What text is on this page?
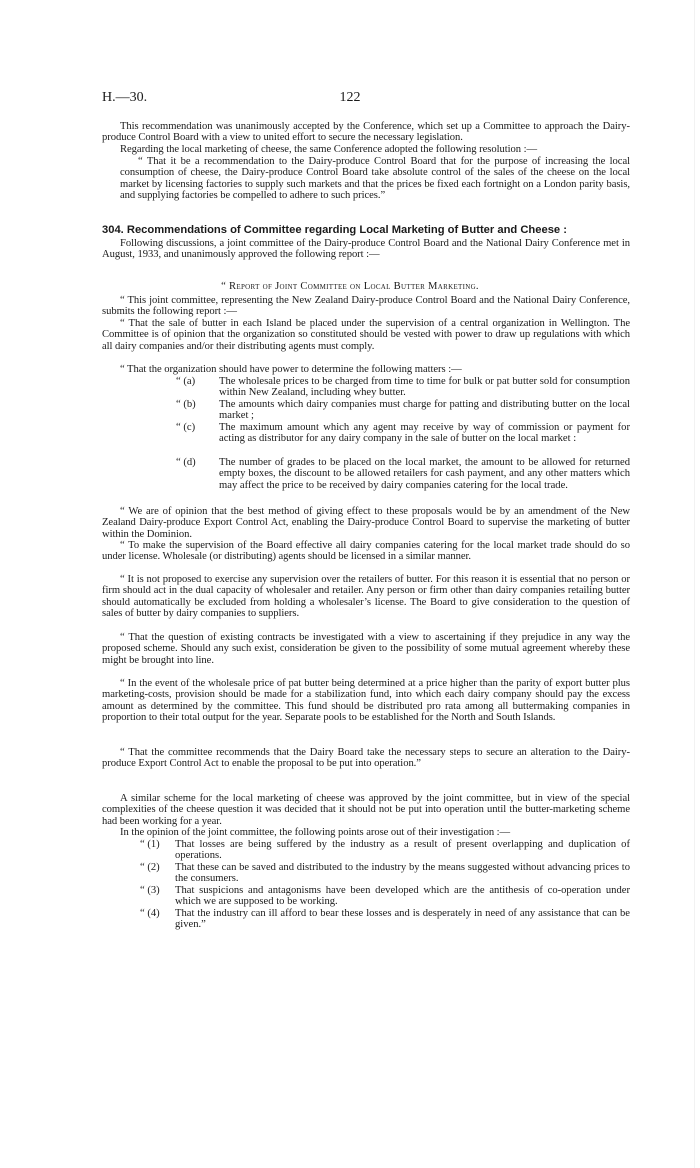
H.—30.	122

This recommendation was unanimously accepted by the Conference, which set up a Committee to approach the Dairy-produce Control Board with a view to united effort to secure the necessary legislation.

Regarding the local marketing of cheese, the same Conference adopted the following resolution :—

“ That it be a recommendation to the Dairy-produce Control Board that for the purpose of increasing the local consumption of cheese, the Dairy-produce Control Board take absolute control of the sales of the cheese on the local market by licensing factories to supply such markets and that the prices be fixed each fortnight on a London parity basis, and supplying factories be compelled to adhere to such prices.”

304. Recommendations of Committee regarding Local Marketing of Butter and Cheese :

Following discussions, a joint committee of the Dairy-produce Control Board and the National Dairy Conference met in August, 1933, and unanimously approved the following report :—

“ Report of Joint Committee on Local Butter Marketing.

“ This joint committee, representing the New Zealand Dairy-produce Control Board and the National Dairy Conference, submits the following report :—

“ That the sale of butter in each Island be placed under the supervision of a central organization in Wellington. The Committee is of opinion that the organization so constituted should be vested with power to draw up regulations with which all dairy companies and/or their distributing agents must comply.

“ That the organization should have power to determine the following matters :—

“ (a) The wholesale prices to be charged from time to time for bulk or pat butter sold for consumption within New Zealand, including whey butter.
“ (b) The amounts which dairy companies must charge for patting and distributing butter on the local market ;
“ (c) The maximum amount which any agent may receive by way of commission or payment for acting as distributor for any dairy company in the sale of butter on the local market :
“ (d) The number of grades to be placed on the local market, the amount to be allowed for returned empty boxes, the discount to be allowed retailers for cash payment, and any other matters which may affect the price to be received by dairy companies catering for the local trade.

“ We are of opinion that the best method of giving effect to these proposals would be by an amendment of the New Zealand Dairy-produce Export Control Act, enabling the Dairy-produce Control Board to supervise the marketing of butter within the Dominion.

“ To make the supervision of the Board effective all dairy companies catering for the local market trade should do so under license. Wholesale (or distributing) agents should be licensed in a similar manner.

“ It is not proposed to exercise any supervision over the retailers of butter. For this reason it is essential that no person or firm should act in the dual capacity of wholesaler and retailer. Any person or firm other than dairy companies retailing butter should automatically be excluded from holding a wholesaler’s license. The Board to give consideration to the question of sales of butter by dairy companies to suppliers.

“ That the question of existing contracts be investigated with a view to ascertaining if they prejudice in any way the proposed scheme. Should any such exist, consideration be given to the possibility of some mutual agreement whereby these might be brought into line.

“ In the event of the wholesale price of pat butter being determined at a price higher than the parity of export butter plus marketing-costs, provision should be made for a stabilization fund, into which each dairy company should pay the excess amount as determined by the committee. This fund should be distributed pro rata among all buttermaking companies in proportion to their total output for the year. Separate pools to be established for the North and South Islands.

“ That the committee recommends that the Dairy Board take the necessary steps to secure an alteration to the Dairy-produce Export Control Act to enable the proposal to be put into operation.”

A similar scheme for the local marketing of cheese was approved by the joint committee, but in view of the special complexities of the cheese question it was decided that it should not be put into operation until the butter-marketing scheme had been working for a year.

In the opinion of the joint committee, the following points arose out of their investigation :—

“ (1) That losses are being suffered by the industry as a result of present overlapping and duplication of operations.
“ (2) That these can be saved and distributed to the industry by the means suggested without advancing prices to the consumers.
“ (3) That suspicions and antagonisms have been developed which are the antithesis of co-operation under which we are supposed to be working.
“ (4) That the industry can ill afford to bear these losses and is desperately in need of any assistance that can be given.”
